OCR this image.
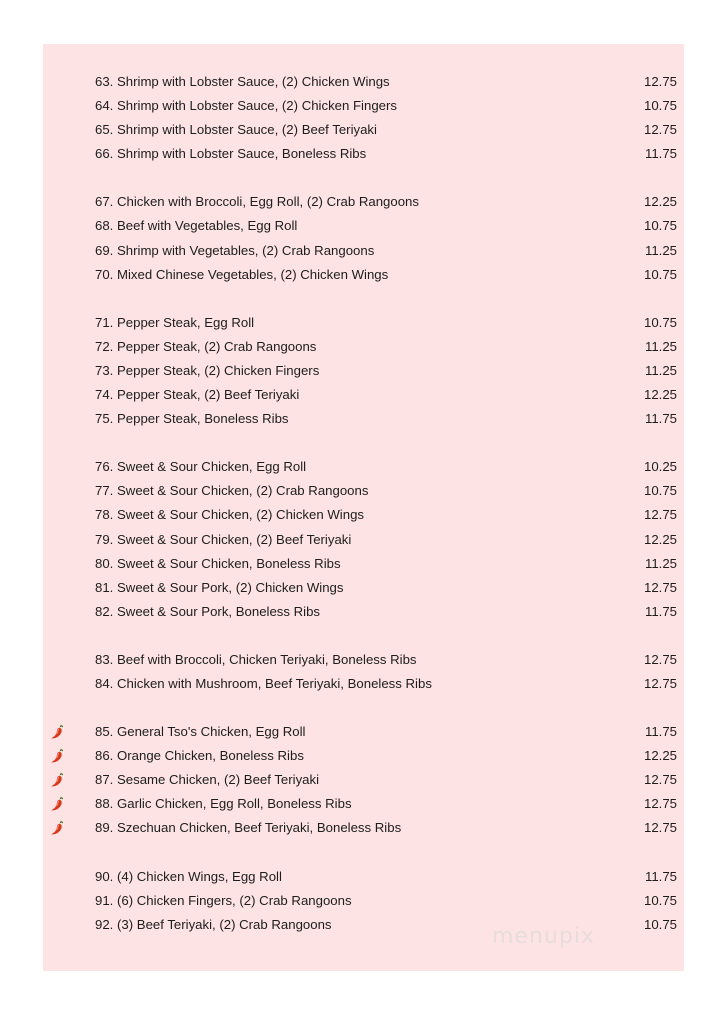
63. Shrimp with Lobster Sauce, (2) Chicken Wings	12.75
64. Shrimp with Lobster Sauce, (2) Chicken Fingers	10.75
65. Shrimp with Lobster Sauce, (2) Beef Teriyaki	12.75
66. Shrimp with Lobster Sauce, Boneless Ribs	11.75
67. Chicken with Broccoli, Egg Roll, (2) Crab Rangoons	12.25
68. Beef with Vegetables, Egg Roll	10.75
69. Shrimp with Vegetables, (2) Crab Rangoons	11.25
70. Mixed Chinese Vegetables, (2) Chicken Wings	10.75
71. Pepper Steak, Egg Roll	10.75
72. Pepper Steak, (2) Crab Rangoons	11.25
73. Pepper Steak, (2) Chicken Fingers	11.25
74. Pepper Steak, (2) Beef Teriyaki	12.25
75. Pepper Steak, Boneless Ribs	11.75
76. Sweet & Sour Chicken, Egg Roll	10.25
77. Sweet & Sour Chicken, (2) Crab Rangoons	10.75
78. Sweet & Sour Chicken, (2) Chicken Wings	12.75
79. Sweet & Sour Chicken, (2) Beef Teriyaki	12.25
80. Sweet & Sour Chicken, Boneless Ribs	11.25
81. Sweet & Sour Pork, (2) Chicken Wings	12.75
82. Sweet & Sour Pork, Boneless Ribs	11.75
83. Beef with Broccoli, Chicken Teriyaki, Boneless Ribs	12.75
84. Chicken with Mushroom, Beef Teriyaki, Boneless Ribs	12.75
85. General Tso's Chicken, Egg Roll	11.75
86. Orange Chicken, Boneless Ribs	12.25
87. Sesame Chicken, (2) Beef Teriyaki	12.75
88. Garlic Chicken, Egg Roll, Boneless Ribs	12.75
89. Szechuan Chicken, Beef Teriyaki, Boneless Ribs	12.75
90. (4) Chicken Wings, Egg Roll	11.75
91. (6) Chicken Fingers, (2) Crab Rangoons	10.75
92. (3) Beef Teriyaki, (2) Crab Rangoons	10.75
menupix
